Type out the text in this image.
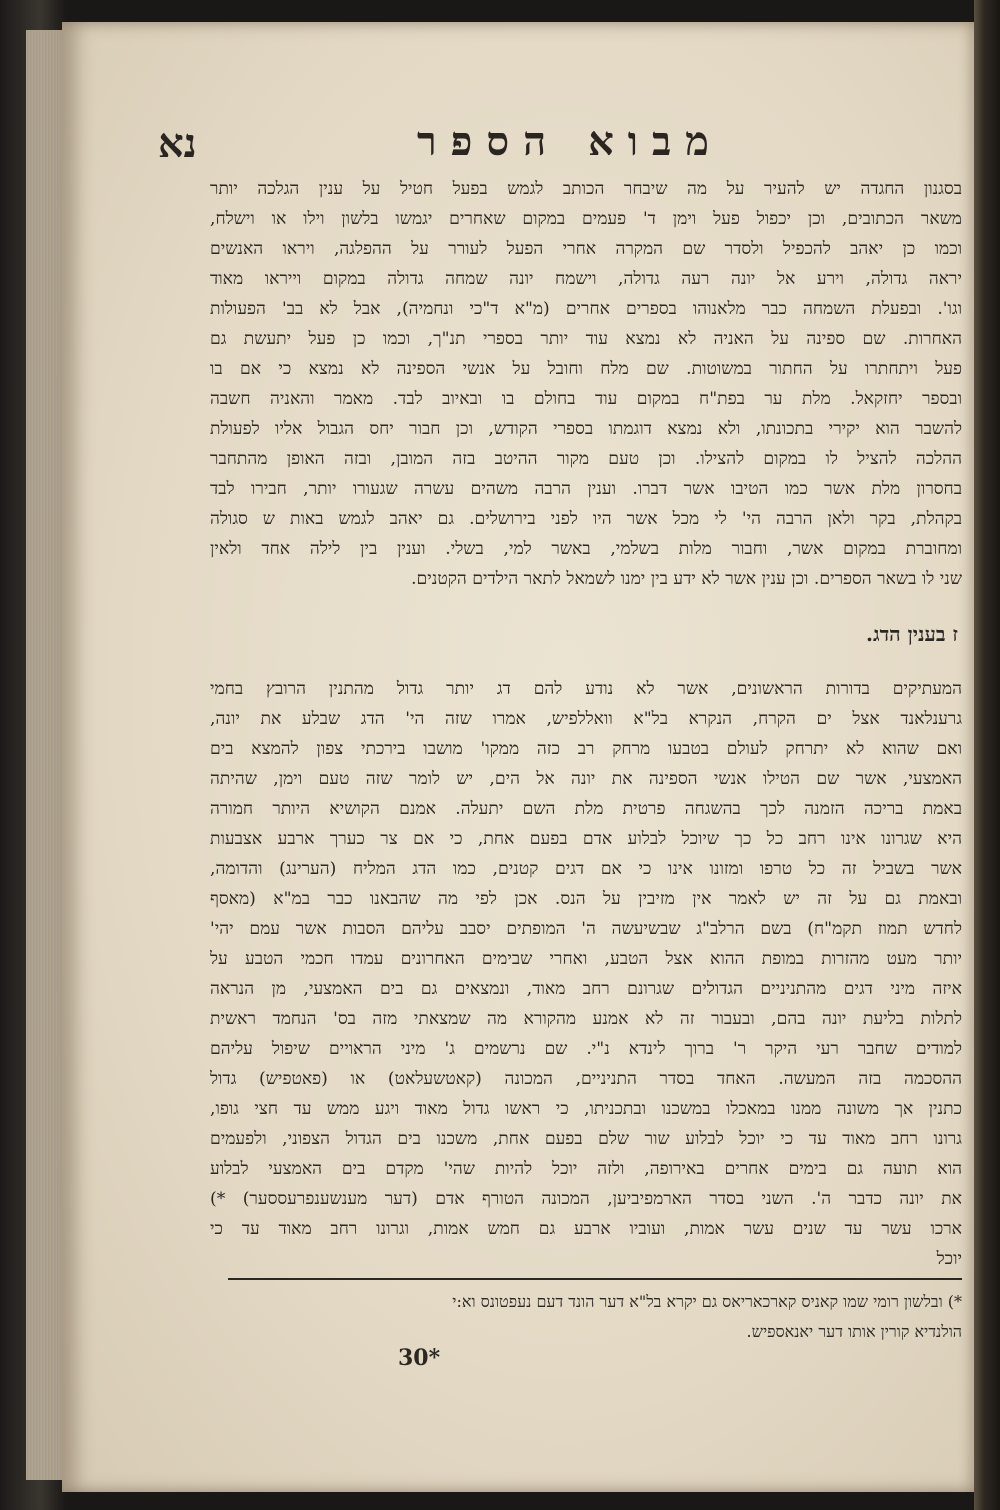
מבוא הספר
נא
בסגנון החגדה יש להעיר על מה שיבחר הכותב לגמש בפעל חטיל על ענין הגלכה יותר
משאר הכתובים, וכן יכפול פעל וימן ד' פעמים במקום שאחרים יגמשו בלשון וילו או וישלח,
וכמו כן יאהב להכפיל ולסדר שם המקרה אחרי הפעל לעורר על ההפלגה, ויראו האנשים
יראה גדולה, וירע אל יונה רעה גדולה, וישמח יונה שמחה גדולה במקום וייראו מאוד
וגו'. ובפעלת השמחה כבר מלאנוהו בספרים אחרים (מ"א ד"כי ונחמיה), אבל לא בב' הפעולות
האחרות. שם ספינה על האניה לא נמצא עוד יותר בספרי תנ"ך, וכמו כן פעל יתעשת גם
פעל ויתחתרו על החתור במשוטות. שם מלח וחובל על אנשי הספינה לא נמצא כי אם בו
ובספר יחזקאל. מלת ער בפת"ח במקום עוד בחולם בו ובאיוב לבד. מאמר והאניה חשבה
להשבר הוא יקירי בתכונתו, ולא נמצא דוגמתו בספרי הקודש, וכן חבור יחס הגבול אליו לפעולת
ההלכה להציל לו במקום להצילו. וכן טעם מקור ההיטב בזה המובן, ובזה האופן מהתחבר
בחסרון מלת אשר כמו הטיבו אשר דברו. וענין הרבה משהים עשרה שגעורו יותר, חבירו לבד
בקהלת, בקר ולאן הרבה הי' לי מכל אשר היו לפני בירושלים. גם יאהב לגמש באות ש סגולה
ומחוברת במקום אשר, וחבור מלות בשלמי, באשר למי, בשלי. וענין בין לילה אחד ולאין
שני לו בשאר הספרים. וכן ענין אשר לא ידע בין ימנו לשמאל לתאר הילדים הקטנים.
ז בענין הדג.
המעתיקים בדורות הראשונים, אשר לא נודע להם דג יותר גדול מהתנין הרובץ בחמי
גרענלאנד אצל ים הקרח, הנקרא בל"א וואללפיש, אמרו שזה הי' הדג שבלע את יונה,
ואם שהוא לא יתרחק לעולם בטבעו מרחק רב כזה ממקו' מושבו בירכתי צפון להמצא בים
האמצעי, אשר שם הטילו אנשי הספינה את יונה אל הים, יש לומר שזה טעם וימן, שהיתה
באמת בריכה הזמנה לכך בהשגחה פרטית מלת השם יתעלה. אמנם הקושיא היותר חמורה
היא שגרונו אינו רחב כל כך שיוכל לבלוע אדם בפעם אחת, כי אם צר כערך ארבע אצבעות
אשר בשביל זה כל טרפו ומזונו אינו כי אם דגים קטנים, כמו הדג המליח (הערינג) והדומה,
ובאמת גם על זה יש לאמר אין מזיבין על הנס. אכן לפי מה שהבאנו כבר במ"א (מאסף
לחדש תמוז תקמ"ח) בשם הרלב"ג שבשיעשה ה' המופתים יסבב עליהם הסבות אשר עמם יהי'
יותר מעט מהזרות במופת ההוא אצל הטבע, ואחרי שבימים האחרונים עמדו חכמי הטבע על
איזה מיני דגים מהתניניים הגדולים שגרונם רחב מאוד, ונמצאים גם בים האמצעי, מן הנראה
לתלות בליעת יונה בהם, ובעבור זה לא אמנע מהקורא מה שמצאתי מזה בס' הנחמד ראשית
למודים שחבר רעי היקר ר' ברוך לינדא נ"י. שם נרשמים ג' מיני הראויים שיפול עליהם
ההסכמה בזה המעשה. האחד בסדר התניניים, המכונה (קאטשעלאט) או (פאטפיש) גדול
כתנין אך משונה ממנו במאכלו במשכנו ובתכניתו, כי ראשו גדול מאוד ויגע ממש עד חצי גופו,
גרונו רחב מאוד עד כי יוכל לבלוע שור שלם בפעם אחת, משכנו בים הגדול הצפוני, ולפעמים
הוא תועה גם בימים אחרים באירופה, ולזה יוכל להיות שהי' מקדם בים האמצעי לבלוע
את יונה כדבר ה'. השני בסדר הארמפיביען, המכונה הטורף אדם (דער מענשענפרעססער) *)
ארכו עשר עד שנים עשר אמות, ועוביו ארבע גם חמש אמות, וגרונו רחב מאוד עד כי
יוכל
*) ובלשון רומי שמו קאניס קארכאריאס גם יקרא בל"א דער הונד דעם נעפטונס וא:י
הולנדיא קורין אותו דער יאנאספיש.
30*
